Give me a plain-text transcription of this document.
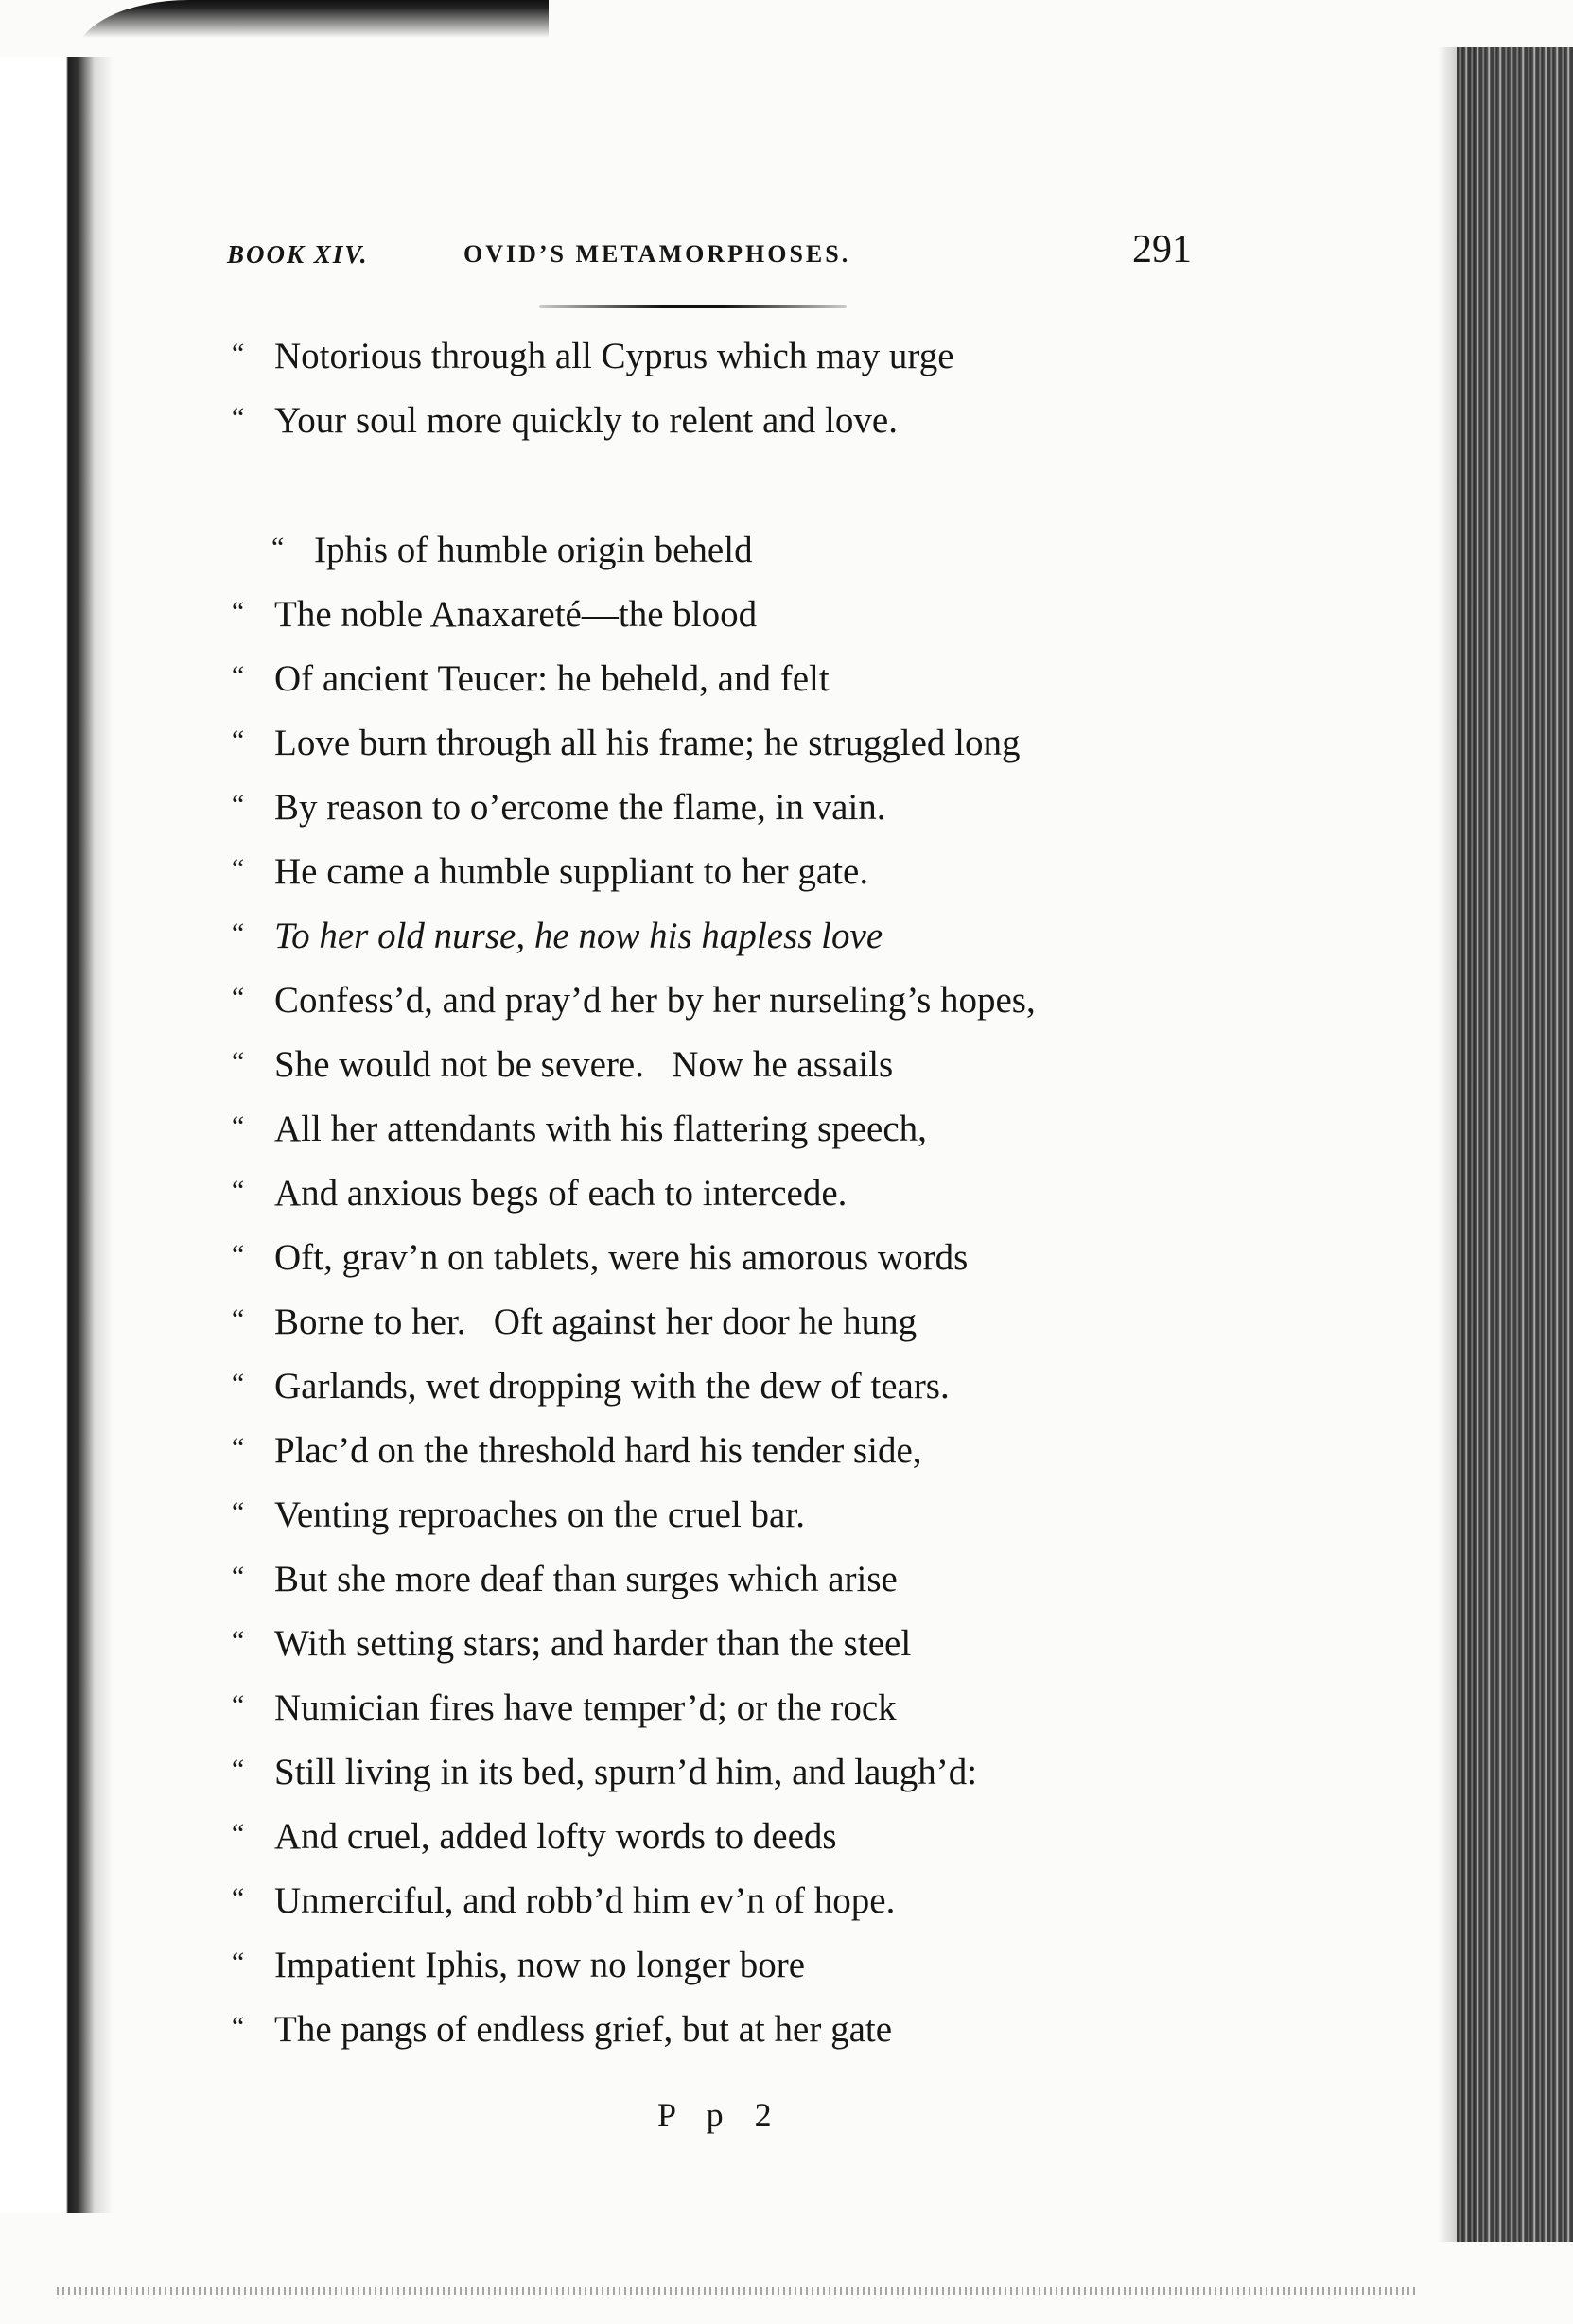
BOOK XIV.	OVID’S METAMORPHOSES.	291
“ Notorious through all Cyprus which may urge
“ Your soul more quickly to relent and love.
“ Iphis of humble origin beheld
“ The noble Anaxareté—the blood
“ Of ancient Teucer: he beheld, and felt
“ Love burn through all his frame; he struggled long
“ By reason to o’ercome the flame, in vain.
“ He came a humble suppliant to her gate.
“ To her old nurse, he now his hapless love
“ Confess’d, and pray’d her by her nurseling’s hopes,
“ She would not be severe.   Now he assails
“ All her attendants with his flattering speech,
“ And anxious begs of each to intercede.
“ Oft, grav’n on tablets, were his amorous words
“ Borne to her.   Oft against her door he hung
“ Garlands, wet dropping with the dew of tears.
“ Plac’d on the threshold hard his tender side,
“ Venting reproaches on the cruel bar.
“ But she more deaf than surges which arise
“ With setting stars; and harder than the steel
“ Numician fires have temper’d; or the rock
“ Still living in its bed, spurn’d him, and laugh’d:
“ And cruel, added lofty words to deeds
“ Unmerciful, and robb’d him ev’n of hope.
“ Impatient Iphis, now no longer bore
“ The pangs of endless grief, but at her gate
P p 2
